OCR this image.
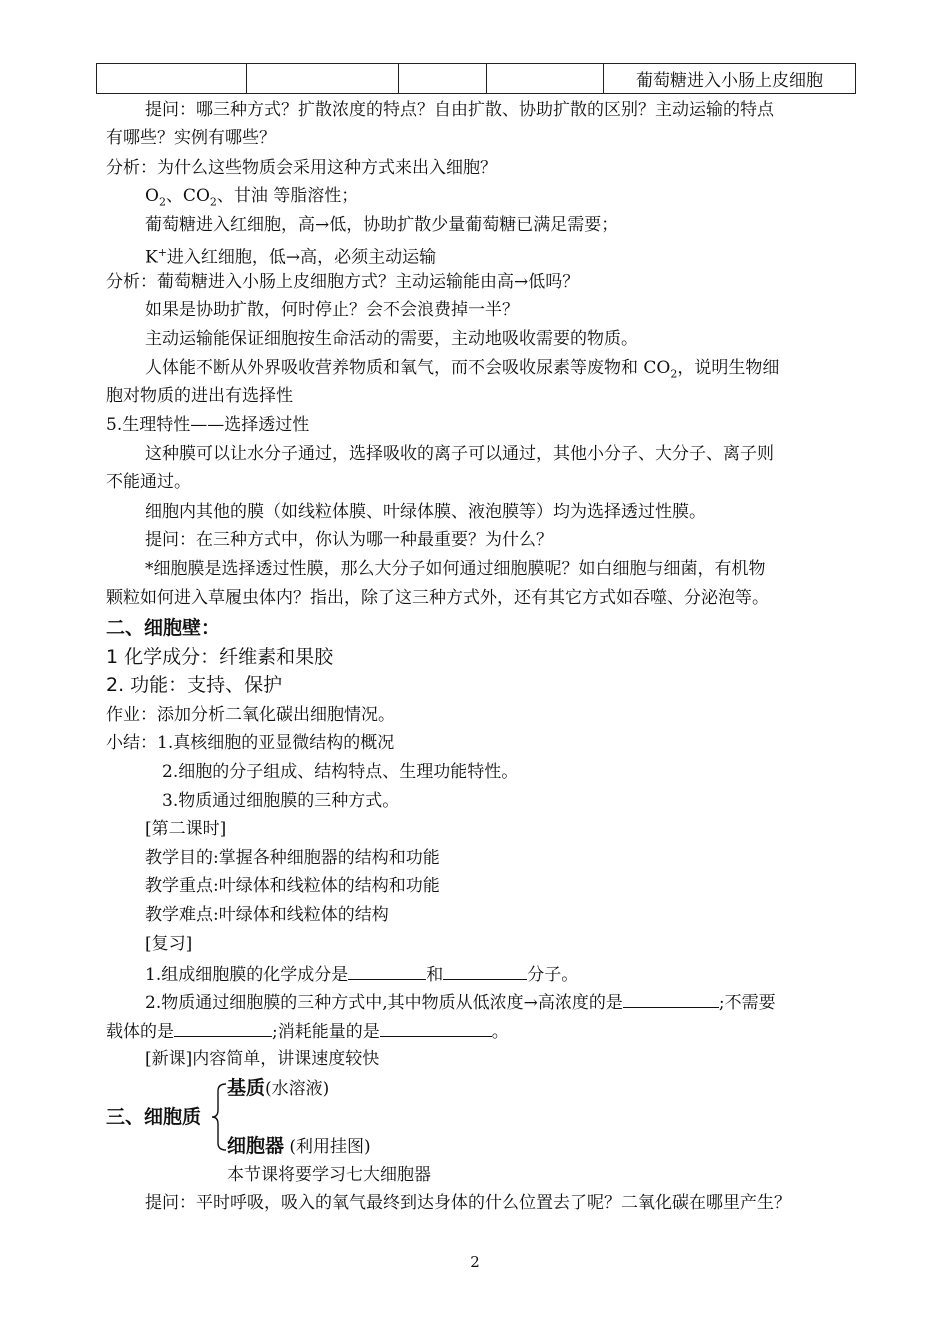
				葡萄糖进入小肠上皮细胞
提问：哪三种方式？扩散浓度的特点？自由扩散、协助扩散的区别？主动运输的特点
有哪些？实例有哪些？
分析：为什么这些物质会采用这种方式来出入细胞？
$O_2$、$CO_2$、甘油 等脂溶性；
葡萄糖进入红细胞，高→低，协助扩散少量葡萄糖已满足需要；
K+进入红细胞，低→高，必须主动运输
分析：葡萄糖进入小肠上皮细胞方式？主动运输能由高→低吗？
如果是协助扩散，何时停止？会不会浪费掉一半？
主动运输能保证细胞按生命活动的需要，主动地吸收需要的物质。
人体能不断从外界吸收营养物质和氧气，而不会吸收尿素等废物和 $CO_2$，说明生物细
胞对物质的进出有选择性
5.生理特性——选择透过性
这种膜可以让水分子通过，选择吸收的离子可以通过，其他小分子、大分子、离子则
不能通过。
细胞内其他的膜（如线粒体膜、叶绿体膜、液泡膜等）均为选择透过性膜。
提问：在三种方式中，你认为哪一种最重要？为什么？
*细胞膜是选择透过性膜，那么大分子如何通过细胞膜呢？如白细胞与细菌，有机物
颗粒如何进入草履虫体内？指出，除了这三种方式外，还有其它方式如吞噬、分泌泡等。
二、细胞壁：
1 化学成分：纤维素和果胶
2. 功能：支持、保护
作业：添加分析二氧化碳出细胞情况。
小结：1.真核细胞的亚显微结构的概况
2.细胞的分子组成、结构特点、生理功能特性。
3.物质通过细胞膜的三种方式。
[第二课时]
教学目的:掌握各种细胞器的结构和功能
教学重点:叶绿体和线粒体的结构和功能
教学难点:叶绿体和线粒体的结构
[复习]
1.组成细胞膜的化学成分是	和	分子。
2.物质通过细胞膜的三种方式中,其中物质从低浓度→高浓度的是	;不需要
载体的是	;消耗能量的是	。
[新课]内容简单，讲课速度较快
基质(水溶液)
三、细胞质
细胞器 (利用挂图)
本节课将要学习七大细胞器
提问：平时呼吸，吸入的氧气最终到达身体的什么位置去了呢？二氧化碳在哪里产生？
2
